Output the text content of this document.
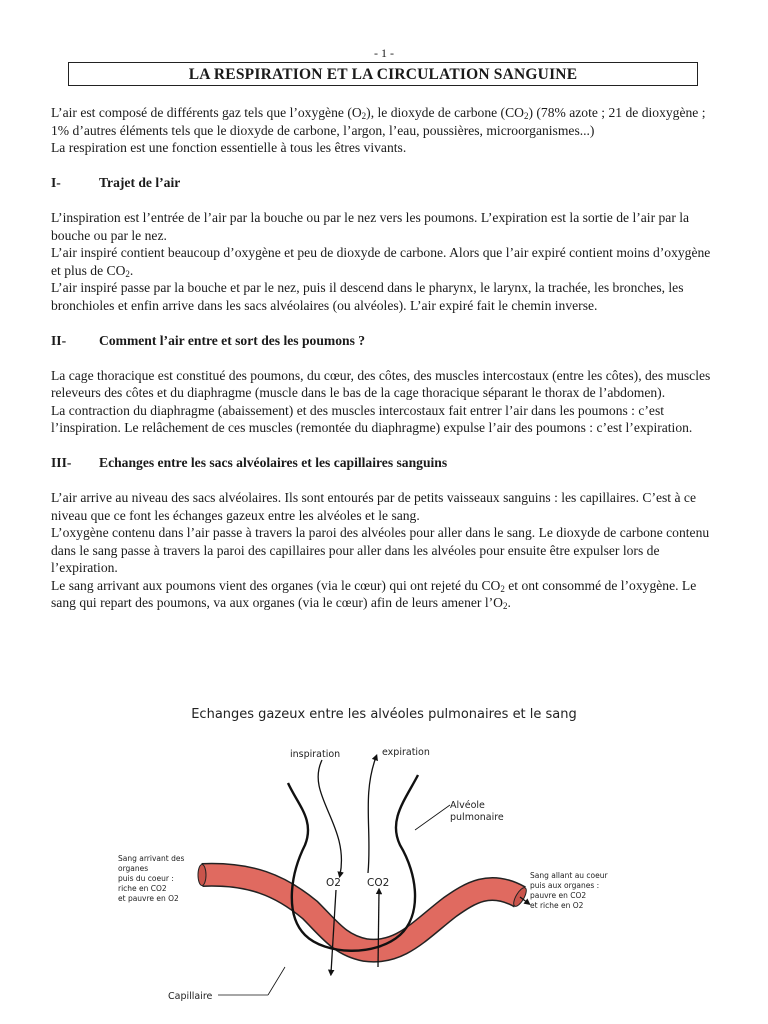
- 1 -
LA RESPIRATION ET LA CIRCULATION SANGUINE

L’air est composé de différents gaz tels que l’oxygène $(O_2)$, le dioxyde de carbone $(CO_2)$ (78% azote ; 21 de dioxygène ; 1% d’autres éléments tels que le dioxyde de carbone, l’argon, l’eau, poussières, microorganismes...)

La respiration est une fonction essentielle à tous les êtres vivants.

I-	Trajet de l’air

L’inspiration est l’entrée de l’air par la bouche ou par le nez vers les poumons. L’expiration est la sortie de l’air par la bouche ou par le nez.

L’air inspiré contient beaucoup d’oxygène et peu de dioxyde de carbone. Alors que l’air expiré contient moins d’oxygène et plus de $CO_2$.

L’air inspiré passe par la bouche et par le nez, puis il descend dans le pharynx, le larynx, la trachée, les bronches, les bronchioles et enfin arrive dans les sacs alvéolaires (ou alvéoles). L’air expiré fait le chemin inverse.

II-	Comment l’air entre et sort des les poumons ?

La cage thoracique est constitué des poumons, du cœur, des côtes, des muscles intercostaux (entre les côtes), des muscles releveurs des côtes et du diaphragme (muscle dans le bas de la cage thoracique séparant le thorax de l’abdomen).

La contraction du diaphragme (abaissement) et des muscles intercostaux fait entrer l’air dans les poumons : c’est l’inspiration. Le relâchement de ces muscles (remontée du diaphragme) expulse l’air des poumons : c’est l’expiration.

III-	Echanges entre les sacs alvéolaires et les capillaires sanguins

L’air arrive au niveau des sacs alvéolaires. Ils sont entourés par de petits vaisseaux sanguins : les capillaires. C’est à ce niveau que ce font les échanges gazeux entre les alvéoles et le sang.

L’oxygène contenu dans l’air passe à travers la paroi des alvéoles pour aller dans le sang. Le dioxyde de carbone contenu dans le sang passe à travers la paroi des capillaires pour aller dans les alvéoles pour ensuite être expulser lors de l’expiration.

Le sang arrivant aux poumons vient des organes (via le cœur) qui ont rejeté du $CO_2$ et ont consommé de l’oxygène. Le sang qui repart des poumons, va aux organes (via le cœur) afin de leurs amener $l’O_2$.

Echanges gazeux entre les alvéoles pulmonaires et le sang
inspiration	expiration
Alvéole
pulmonaire
O2 CO2
Sang arrivant des
organes
puis du coeur :
riche en CO2
et pauvre en O2
Sang allant au coeur
puis aux organes :
pauvre en CO2
et riche en O2
Capillaire
